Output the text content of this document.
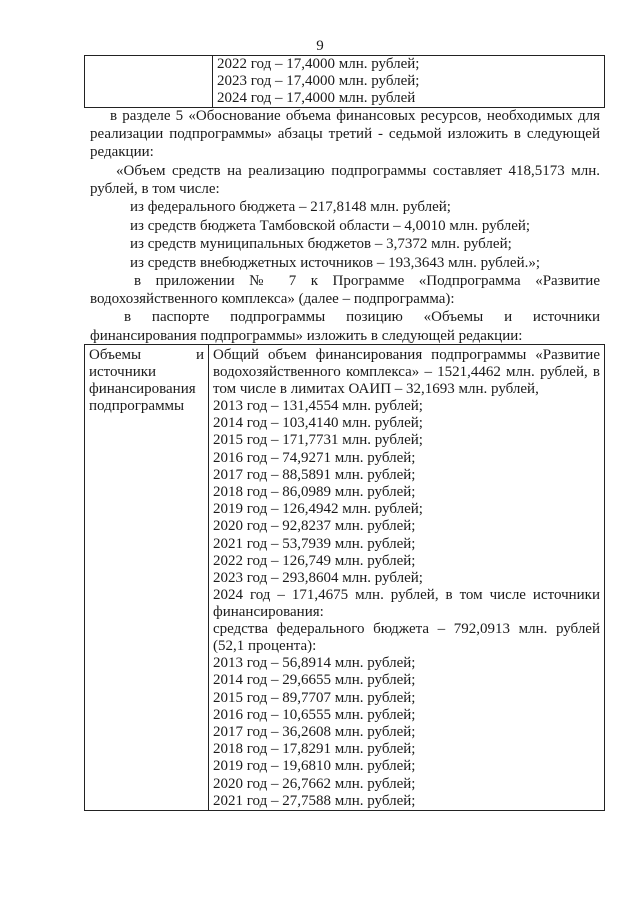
9

2022 год – 17,4000 млн. рублей;
2023 год – 17,4000 млн. рублей;
2024 год – 17,4000 млн. рублей

в разделе 5 «Обоснование объема финансовых ресурсов, необходимых для реализации подпрограммы» абзацы третий - седьмой изложить в следующей редакции:

«Объем средств на реализацию подпрограммы составляет 418,5173 млн. рублей, в том числе:

из федерального бюджета – 217,8148 млн. рублей;
из средств бюджета Тамбовской области – 4,0010 млн. рублей;
из средств муниципальных бюджетов – 3,7372 млн. рублей;
из средств внебюджетных источников – 193,3643 млн. рублей.»;

в приложении № 7 к Программе «Подпрограмма «Развитие водохозяйственного комплекса» (далее – подпрограмма):

в паспорте подпрограммы позицию «Объемы и источники финансирования подпрограммы» изложить в следующей редакции:

Объемы и источники финансирования подпрограммы

Общий объем финансирования подпрограммы «Развитие водохозяйственного комплекса» – 1521,4462 млн. рублей, в том числе в лимитах ОАИП – 32,1693 млн. рублей,
2013 год – 131,4554 млн. рублей;
2014 год – 103,4140 млн. рублей;
2015 год – 171,7731 млн. рублей;
2016 год – 74,9271 млн. рублей;
2017 год – 88,5891 млн. рублей;
2018 год – 86,0989 млн. рублей;
2019 год – 126,4942 млн. рублей;
2020 год – 92,8237 млн. рублей;
2021 год – 53,7939 млн. рублей;
2022 год – 126,749 млн. рублей;
2023 год – 293,8604 млн. рублей;
2024 год – 171,4675 млн. рублей, в том числе источники финансирования:
средства федерального бюджета – 792,0913 млн. рублей (52,1 процента):
2013 год – 56,8914 млн. рублей;
2014 год – 29,6655 млн. рублей;
2015 год – 89,7707 млн. рублей;
2016 год – 10,6555 млн. рублей;
2017 год – 36,2608 млн. рублей;
2018 год – 17,8291 млн. рублей;
2019 год – 19,6810 млн. рублей;
2020 год – 26,7662 млн. рублей;
2021 год – 27,7588 млн. рублей;
